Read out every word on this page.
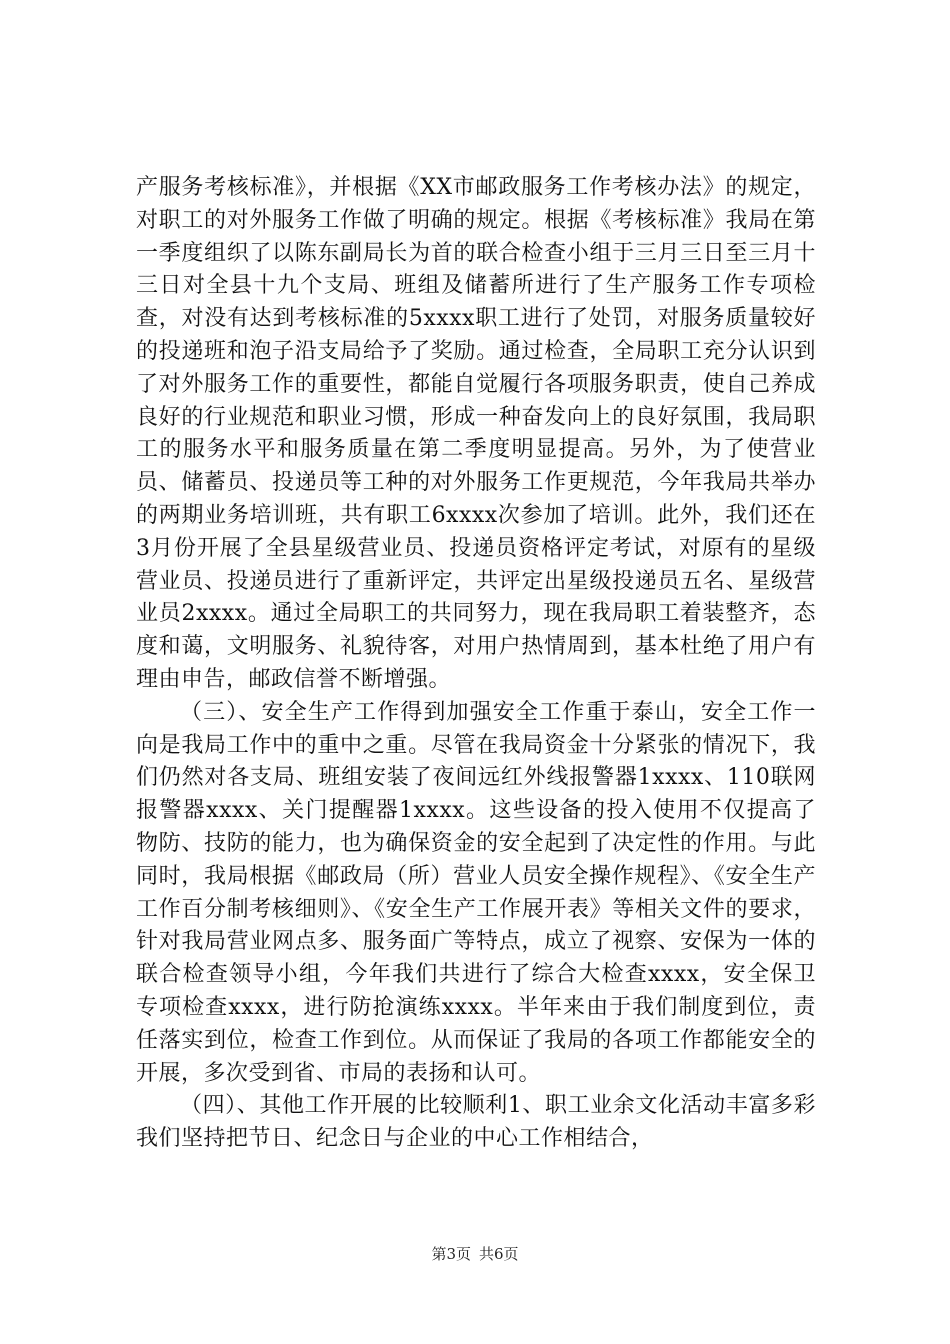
产服务考核标准》，并根据《XX市邮政服务工作考核办法》的规定，对职工的对外服务工作做了明确的规定。根据《考核标准》我局在第一季度组织了以陈东副局长为首的联合检查小组于三月三日至三月十三日对全县十九个支局、班组及储蓄所进行了生产服务工作专项检查，对没有达到考核标准的5xxxx职工进行了处罚，对服务质量较好的投递班和泡子沿支局给予了奖励。通过检查，全局职工充分认识到了对外服务工作的重要性，都能自觉履行各项服务职责，使自己养成良好的行业规范和职业习惯，形成一种奋发向上的良好氛围，我局职工的服务水平和服务质量在第二季度明显提高。另外，为了使营业员、储蓄员、投递员等工种的对外服务工作更规范，今年我局共举办的两期业务培训班，共有职工6xxxx次参加了培训。此外，我们还在3月份开展了全县星级营业员、投递员资格评定考试，对原有的星级营业员、投递员进行了重新评定，共评定出星级投递员五名、星级营业员2xxxx。通过全局职工的共同努力，现在我局职工着装整齐，态度和蔼，文明服务、礼貌待客，对用户热情周到，基本杜绝了用户有理由申告，邮政信誉不断增强。

（三）、安全生产工作得到加强安全工作重于泰山，安全工作一向是我局工作中的重中之重。尽管在我局资金十分紧张的情况下，我们仍然对各支局、班组安装了夜间远红外线报警器1xxxx、110联网报警器xxxx、关门提醒器1xxxx。这些设备的投入使用不仅提高了物防、技防的能力，也为确保资金的安全起到了决定性的作用。与此同时，我局根据《邮政局（所）营业人员安全操作规程》、《安全生产工作百分制考核细则》、《安全生产工作展开表》等相关文件的要求，针对我局营业网点多、服务面广等特点，成立了视察、安保为一体的联合检查领导小组，今年我们共进行了综合大检查xxxx，安全保卫专项检查xxxx，进行防抢演练xxxx。半年来由于我们制度到位，责任落实到位，检查工作到位。从而保证了我局的各项工作都能安全的开展，多次受到省、市局的表扬和认可。

（四）、其他工作开展的比较顺利1、职工业余文化活动丰富多彩我们坚持把节日、纪念日与企业的中心工作相结合，

第3页 共6页
